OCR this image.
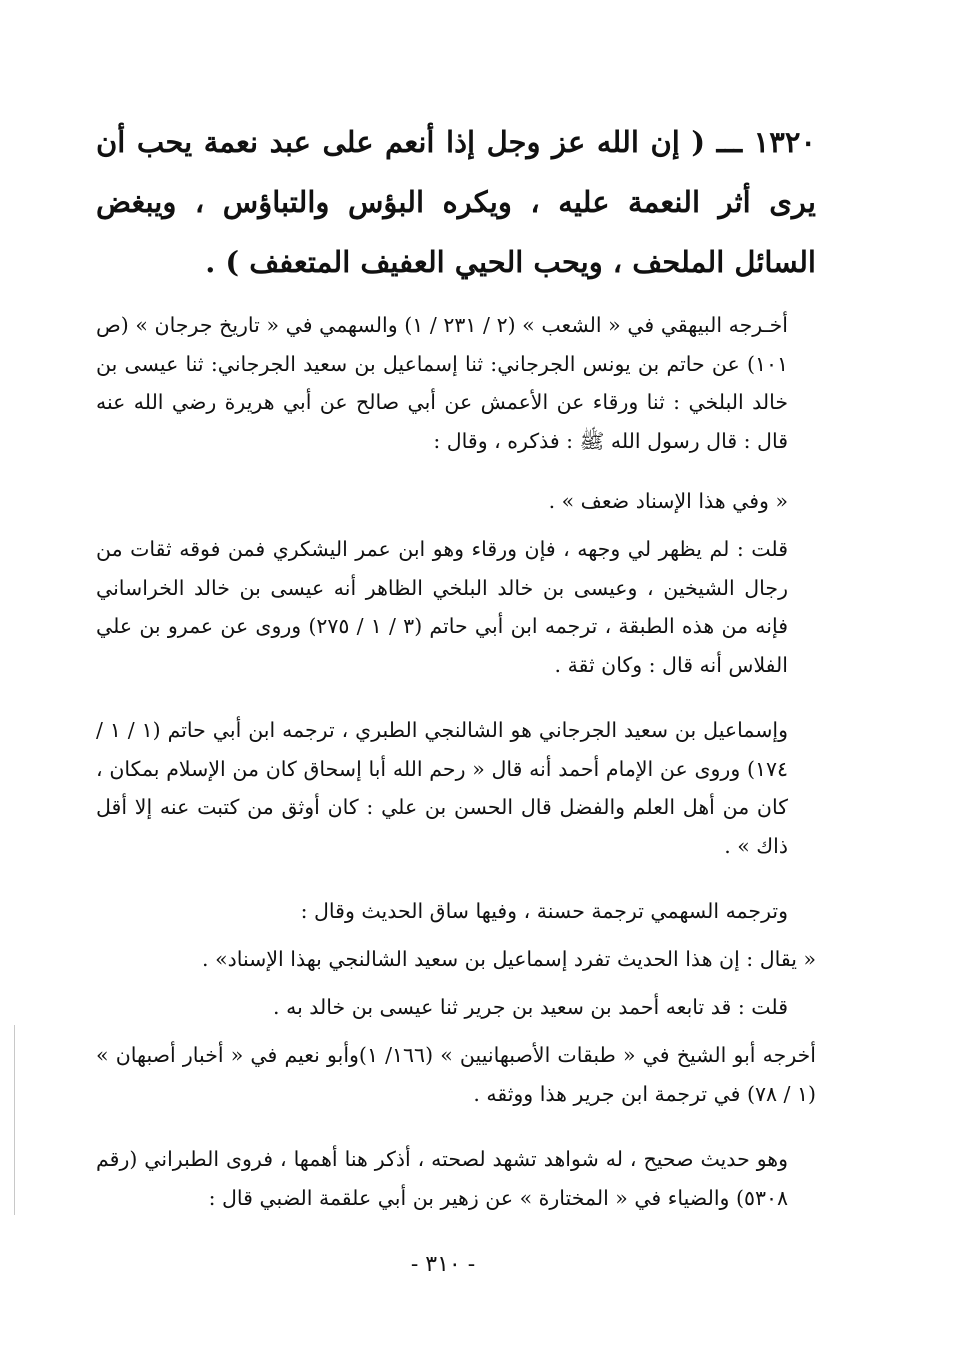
١٣٢٠ ـــ ( إن الله عز وجل إذا أنعم على عبد نعمة يحب أن يرى أثر النعمة عليه ، ويكره البؤس والتباؤس ، ويبغض السائل الملحف ، ويحب الحيي العفيف المتعفف ) .

أخـرجه البيهقي في « الشعب » (٢ / ٢٣١ / ١) والسهمي في « تاريخ جرجان » (ص ١٠١) عن حاتم بن يونس الجرجاني: ثنا إسماعيل بن سعيد الجرجاني: ثنا عيسى بن خالد البلخي : ثنا ورقاء عن الأعمش عن أبي صالح عن أبي هريرة رضي الله عنه قال : قال رسول الله ﷺ : فذكره ، وقال :

« وفي هذا الإسناد ضعف » .

قلت : لم يظهر لي وجهه ، فإن ورقاء وهو ابن عمر اليشكري فمن فوقه ثقات من رجال الشيخين ، وعيسى بن خالد البلخي الظاهر أنه عيسى بن خالد الخراساني فإنه من هذه الطبقة ، ترجمه ابن أبي حاتم (٣ / ١ / ٢٧٥) وروى عن عمرو بن علي الفلاس أنه قال : وكان ثقة .

وإسماعيل بن سعيد الجرجاني هو الشالنجي الطبري ، ترجمه ابن أبي حاتم (١ / ١ / ١٧٤) وروى عن الإمام أحمد أنه قال « رحم الله أبا إسحاق كان من الإسلام بمكان ، كان من أهل العلم والفضل قال الحسن بن علي : كان أوثق من كتبت عنه إلا أقل ذاك » .

وترجمه السهمي ترجمة حسنة ، وفيها ساق الحديث وقال :

« يقال : إن هذا الحديث تفرد إسماعيل بن سعيد الشالنجي بهذا الإسناد» .

قلت : قد تابعه أحمد بن سعيد بن جرير ثنا عيسى بن خالد به .

أخرجه أبو الشيخ في « طبقات الأصبهانيين » (١٦٦/ ١)وأبو نعيم في « أخبار أصبهان » (١ / ٧٨) في ترجمة ابن جرير هذا ووثقه .

وهو حديث صحيح ، له شواهد تشهد لصحته ، أذكر هنا أهمها ، فروى الطبراني (رقم ٥٣٠٨) والضياء في « المختارة » عن زهير بن أبي علقمة الضبي قال :

- ٣١٠ -
